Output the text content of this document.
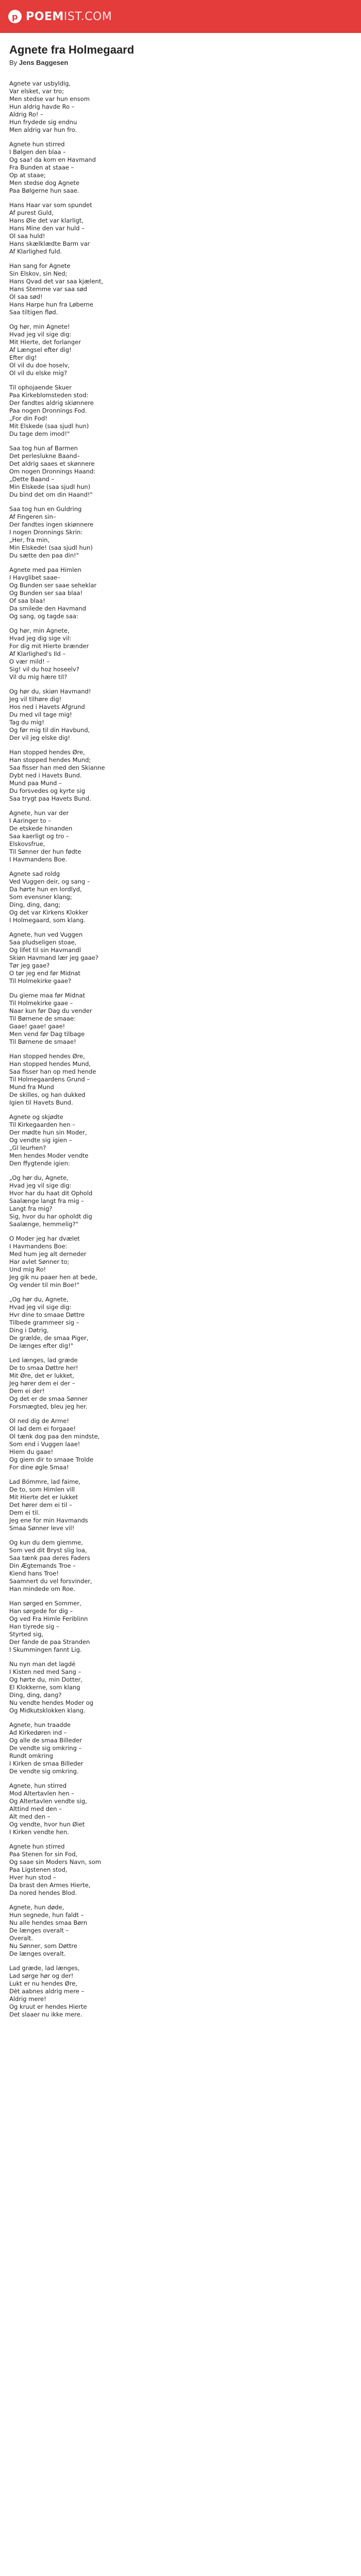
p POEMIST.COM
Agnete fra Holmegaard

By Jens Baggesen

Agnete var usbyldig,
Var elsket, var tro;
Men stedse var hun ensom
Hun aldrig havde Ro –
Aldrig Ro! –
Hun frydede sig endnu
Men aldrig var hun fro.
Agnete hun stirred
I Bølgen den blaa –
Og saa! da kom en Havmand
Fra Bunden at staae –
Op at staae;
Men stedse dog Agnete
Paa Bølgerne hun saae.
Hans Haar var som spundet
Af purest Guld,
Hans Øie det var klarligt,
Hans Mine den var huld –
Ol saa huld!
Hans skælklædte Barm var
Af Klarlighed fuld.
Han sang for Agnete
Sin Elskov, sin Ned;
Hans Qvad det var saa kjælent,
Hans Stemme var saa sød
Ol saa sød!
Hans Harpe hun fra Løberne
Saa tiltigen flød.
Og hør, min Agnete!
Hvad jeg vil sige dig:
Mit Hierte, det forlanger
Af Længsel efter dig!
Efter dig!
Ol vil du doe hoselv,
Ol vil du elske mig?
Til ophojaende Skuer
Paa Kirkeblomsteden stod:
Der fandtes aldrig skiønnere
Paa nogen Dronnings Fod.
„For din Fod!
Mit Elskede (saa sjudl hun)
Du tage dem imod!"
Saa tog hun af Barmen
Det perleslukne Baand–
Det aldrig saaes et skønnere
Om nogen Dronnings Haand:
„Dette Baand –
Min Elskede (saa sjudl hun)
Du bind det om din Haand!"
Saa tog hun en Guldring
Af Fingeren sin–
Der fandtes ingen skiønnere
I nogen Dronnings Skrin:
„Her, fra min,
Min Elskede! (saa sjudl hun)
Du sætte den paa din!"
Agnete med paa Himlen
I Havglibet saae–
Og Bunden ser saae seheklar
Og Bunden ser saa blaa!
Of saa blaa!
Da smilede den Havmand
Og sang, og tagde saa:
Og hør, min Agnete,
Hvad jeg dig sige vil:
For dig mit Hierte brænder
Af Klarlighed's Ild –
O vær mild! –
Sig! vil du hoz hoseelv?
Vil du mig hære til?
Og hør du, skiøn Havmand!
Jeg vil tilhøre dig!
Hos ned i Havets Afgrund
Du med vil tage mig!
Tag du mig!
Og før mig til din Havbund,
Der vil jeg elske dig!
Han stopped hendes Øre,
Han stopped hendes Mund;
Saa fisser han med den Skianne
Dybt ned i Havets Bund.
Mund paa Mund –
Du forsvedes og kyrte sig
Saa trygt paa Havets Bund.
Agnete, hun var der
I Aaringer to –
De etskede hinanden
Saa kaerligt og tro –
Elskovsfrue,
Til Sønner der hun fødte
I Havmandens Boe.
Agnete sad roldg
Ved Vuggen deir, og sang –
Da hørte hun en Iordlyd,
Som evensner klang;
Ding, ding, dang;
Og det var Kirkens Klokker
I Holmegaard, som klang.
Agnete, hun ved Vuggen
Saa pludseligen stoae,
Og lifet til sin Havmandl
Skiøn Havmand lær jeg gaae?
Tør jeg gaae?
O tør jeg end før Midnat
Til Holmekirke gaae?
Du gieme maa før Midnat
Til Holmekirke gaae –
Naar kun før Dag du vender
Til Børnene de smaae:
Gaae! gaae! gaae!
Men vend før Dag tilbage
Til Børnene de smaae!
Han stopped hendes Øre,
Han stopped hendes Mund,
Saa fisser han op med hende
Til Holmegaardens Grund –
Mund fra Mund
De skilles, og han dukked
Igien til Havets Bund.
Agnete og skjødte
Til Kirkegaarden hen –
Der mødte hun sin Moder,
Og vendte sig igien –
„Gl leurhen?
Men hendes Moder vendte
Den ffygtende igien:
„Og hør du, Agnete,
Hvad jeg vil sige dig:
Hvor har du haat dit Ophold
Saalænge langt fra mig –
Langt fra mig?
Sig, hvor du har opholdt dig
Saalænge, hemmelig?"
O Moder jeg har dvælet
I Havmandens Boe:
Med hum jeg alt derneder
Har avlet Sønner to;
Und mig Ro!
Jeg gik nu paaer hen at bede,
Og vender til min Boe!"
„Og hør du, Agnete,
Hvad jeg vil sige dig:
Hvr dine to smaae Døttre
Tilbede grammeer sig –
Ding i Døtrig,
De grælde, de smaa Piger,
De længes efter dig!"
Led længes, lad græde
De to smaa Døttre her!
Mit Øre, det er lukket,
Jeg hører dem ei der –
Dem ei der!
Og det er de smaa Sønner
Forsmægted, bleu jeg her.
Ol ned dig de Arme!
Ol lad dem ei forgaae!
Ol tænk dog paa den mindste,
Som end i Vuggen laae!
Hiem du gaae!
Og giem dir to smaae Trolde
For dine øgle Smaa!
Lad Bómmre, lad faime,
De to, som Himlen vill
Mit Hierte det er lukket
Det hører dem ei til –
Dem ei til.
Jeg ene for min Havmands
Smaa Sønner leve vil!
Og kun du dem giemme,
Som ved dit Bryst slig loa,
Saa tænk paa deres Faders
Din Ægtemands Troe –
Kiend hans Troe!
Saamnert du vel forsvinder,
Han mindede om Roe.
Han sørged en Sommer,
Han sørgede for dig –
Og ved Fra Himle Feriblinn
Han tiyrede sig –
Styrted sig,
Der fande de paa Stranden
I Skummingen fannt Lig.
Nu nyn man det lagdé
I Kisten ned med Sang –
Og hørte du, min Dotter,
El Klokkerne, som klang
Ding, ding, dang?
Nu vendte hendes Moder og
Og Midkutsklokken klang.
Agnete, hun traadde
Ad Kirkedøren ind –
Og alle de smaa Billeder
De vendte sig omkring –
Rundt omkring
I Kirken de smaa Billeder
De vendte sig omkring.
Agnete, hun stirred
Mod Altertavlen hen –
Og Altertavlen vendte sig,
Alttind med den –
Alt med den –
Og vendte, hvor hun Øiet
I Kirken vendte hen.
Agnete hun stirred
Paa Stenen for sin Fod,
Og saae sin Moders Navn, som
Paa Ligstenen stod,
Hver hun stod –
Da brast den Armes Hierte,
Da nored hendes Blod.
Agnete, hun døde,
Hun segnede, hun faldt –
Nu alle hendes smaa Børn
De længes overalt –
Overalt.
Nu Sønner, som Døttre
De længes overalt.
Lad græde, lad længes,
Lad sørge hør og der!
Lukt er nu hendes Øre,
Dèt aabnes aldrig mere –
Aldrig mere!
Og kruut er hendes Hierte
Det slaaer nu ikke mere.
